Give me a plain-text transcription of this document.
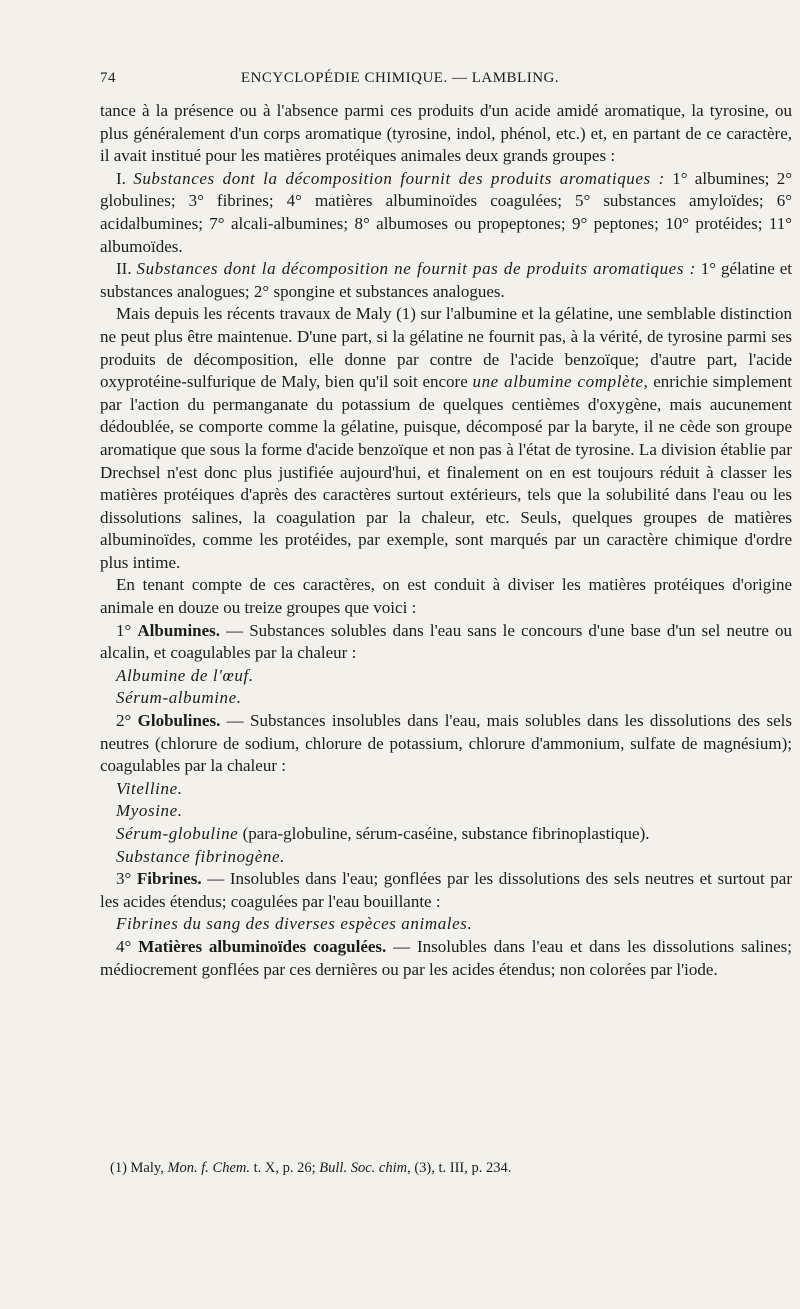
74	ENCYCLOPÉDIE CHIMIQUE. — LAMBLING.

tance à la présence ou à l'absence parmi ces produits d'un acide amidé aromatique, la tyrosine, ou plus généralement d'un corps aromatique (tyrosine, indol, phénol, etc.) et, en partant de ce caractère, il avait institué pour les matières protéiques animales deux grands groupes :

I. Substances dont la décomposition fournit des produits aromatiques : 1° albumines; 2° globulines; 3° fibrines; 4° matières albuminoïdes coagulées; 5° substances amyloïdes; 6° acidalbumines; 7° alcali-albumines; 8° albumoses ou propeptones; 9° peptones; 10° protéides; 11° albumoïdes.

II. Substances dont la décomposition ne fournit pas de produits aromatiques : 1° gélatine et substances analogues; 2° spongine et substances analogues.

Mais depuis les récents travaux de Maly (1) sur l'albumine et la gélatine, une semblable distinction ne peut plus être maintenue. D'une part, si la gélatine ne fournit pas, à la vérité, de tyrosine parmi ses produits de décomposition, elle donne par contre de l'acide benzoïque; d'autre part, l'acide oxyprotéine-sulfurique de Maly, bien qu'il soit encore une albumine complète, enrichie simplement par l'action du permanganate du potassium de quelques centièmes d'oxygène, mais aucunement dédoublée, se comporte comme la gélatine, puisque, décomposé par la baryte, il ne cède son groupe aromatique que sous la forme d'acide benzoïque et non pas à l'état de tyrosine. La division établie par Drechsel n'est donc plus justifiée aujourd'hui, et finalement on en est toujours réduit à classer les matières protéiques d'après des caractères surtout extérieurs, tels que la solubilité dans l'eau ou les dissolutions salines, la coagulation par la chaleur, etc. Seuls, quelques groupes de matières albuminoïdes, comme les protéides, par exemple, sont marqués par un caractère chimique d'ordre plus intime.

En tenant compte de ces caractères, on est conduit à diviser les matières protéiques d'origine animale en douze ou treize groupes que voici :

1° Albumines. — Substances solubles dans l'eau sans le concours d'une base d'un sel neutre ou alcalin, et coagulables par la chaleur :

Albumine de l'œuf.

Sérum-albumine.

2° Globulines. — Substances insolubles dans l'eau, mais solubles dans les dissolutions des sels neutres (chlorure de sodium, chlorure de potassium, chlorure d'ammonium, sulfate de magnésium); coagulables par la chaleur :

Vitelline.

Myosine.

Sérum-globuline (para-globuline, sérum-caséine, substance fibrinoplastique).

Substance fibrinogène.

3° Fibrines. — Insolubles dans l'eau; gonflées par les dissolutions des sels neutres et surtout par les acides étendus; coagulées par l'eau bouillante :

Fibrines du sang des diverses espèces animales.

4° Matières albuminoïdes coagulées. — Insolubles dans l'eau et dans les dissolutions salines; médiocrement gonflées par ces dernières ou par les acides étendus; non colorées par l'iode.

(1) Maly, Mon. f. Chem. t. X, p. 26; Bull. Soc. chim, (3), t. III, p. 234.
